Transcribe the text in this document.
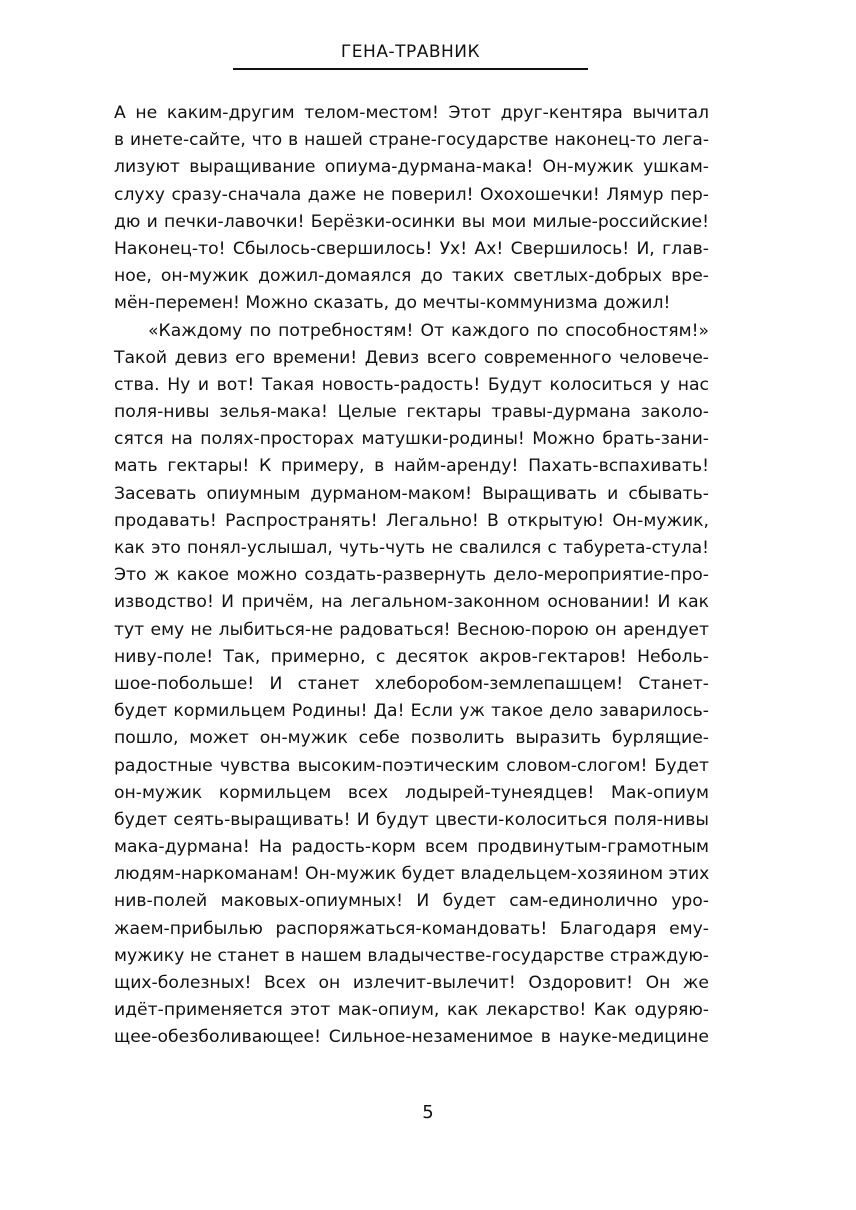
ГЕНА-ТРАВНИК
А не каким-другим телом-местом! Этот друг-кентяра вычитал
в инете-сайте, что в нашей стране-государстве наконец-то лега-
лизуют выращивание опиума-дурмана-мака! Он-мужик ушкам-
слуху сразу-сначала даже не поверил! Охохошечки! Лямур пер-
дю и печки-лавочки! Берёзки-осинки вы мои милые-российские!
Наконец-то! Сбылось-свершилось! Ух! Ах! Свершилось! И, глав-
ное, он-мужик дожил-домаялся до таких светлых-добрых вре-
мён-перемен! Можно сказать, до мечты-коммунизма дожил!
«Каждому по потребностям! От каждого по способностям!»
Такой девиз его времени! Девиз всего современного человече-
ства. Ну и вот! Такая новость-радость! Будут колоситься у нас
поля-нивы зелья-мака! Целые гектары травы-дурмана заколо-
сятся на полях-просторах матушки-родины! Можно брать-зани-
мать гектары! К примеру, в найм-аренду! Пахать-вспахивать!
Засевать опиумным дурманом-маком! Выращивать и сбывать-
продавать! Распространять! Легально! В открытую! Он-мужик,
как это понял-услышал, чуть-чуть не свалился с табурета-стула!
Это ж какое можно создать-развернуть дело-мероприятие-про-
изводство! И причём, на легальном-законном основании! И как
тут ему не лыбиться-не радоваться! Весною-порою он арендует
ниву-поле! Так, примерно, с десяток акров-гектаров! Неболь-
шое-побольше! И станет хлеборобом-землепашцем! Станет-
будет кормильцем Родины! Да! Если уж такое дело заварилось-
пошло, может он-мужик себе позволить выразить бурлящие-
радостные чувства высоким-поэтическим словом-слогом! Будет
он-мужик кормильцем всех лодырей-тунеядцев! Мак-опиум
будет сеять-выращивать! И будут цвести-колоситься поля-нивы
мака-дурмана! На радость-корм всем продвинутым-грамотным
людям-наркоманам! Он-мужик будет владельцем-хозяином этих
нив-полей маковых-опиумных! И будет сам-единолично уро-
жаем-прибылью распоряжаться-командовать! Благодаря ему-
мужику не станет в нашем владычестве-государстве страждую-
щих-болезных! Всех он излечит-вылечит! Оздоровит! Он же
идёт-применяется этот мак-опиум, как лекарство! Как одуряю-
щее-обезболивающее! Сильное-незаменимое в науке-медицине
5
